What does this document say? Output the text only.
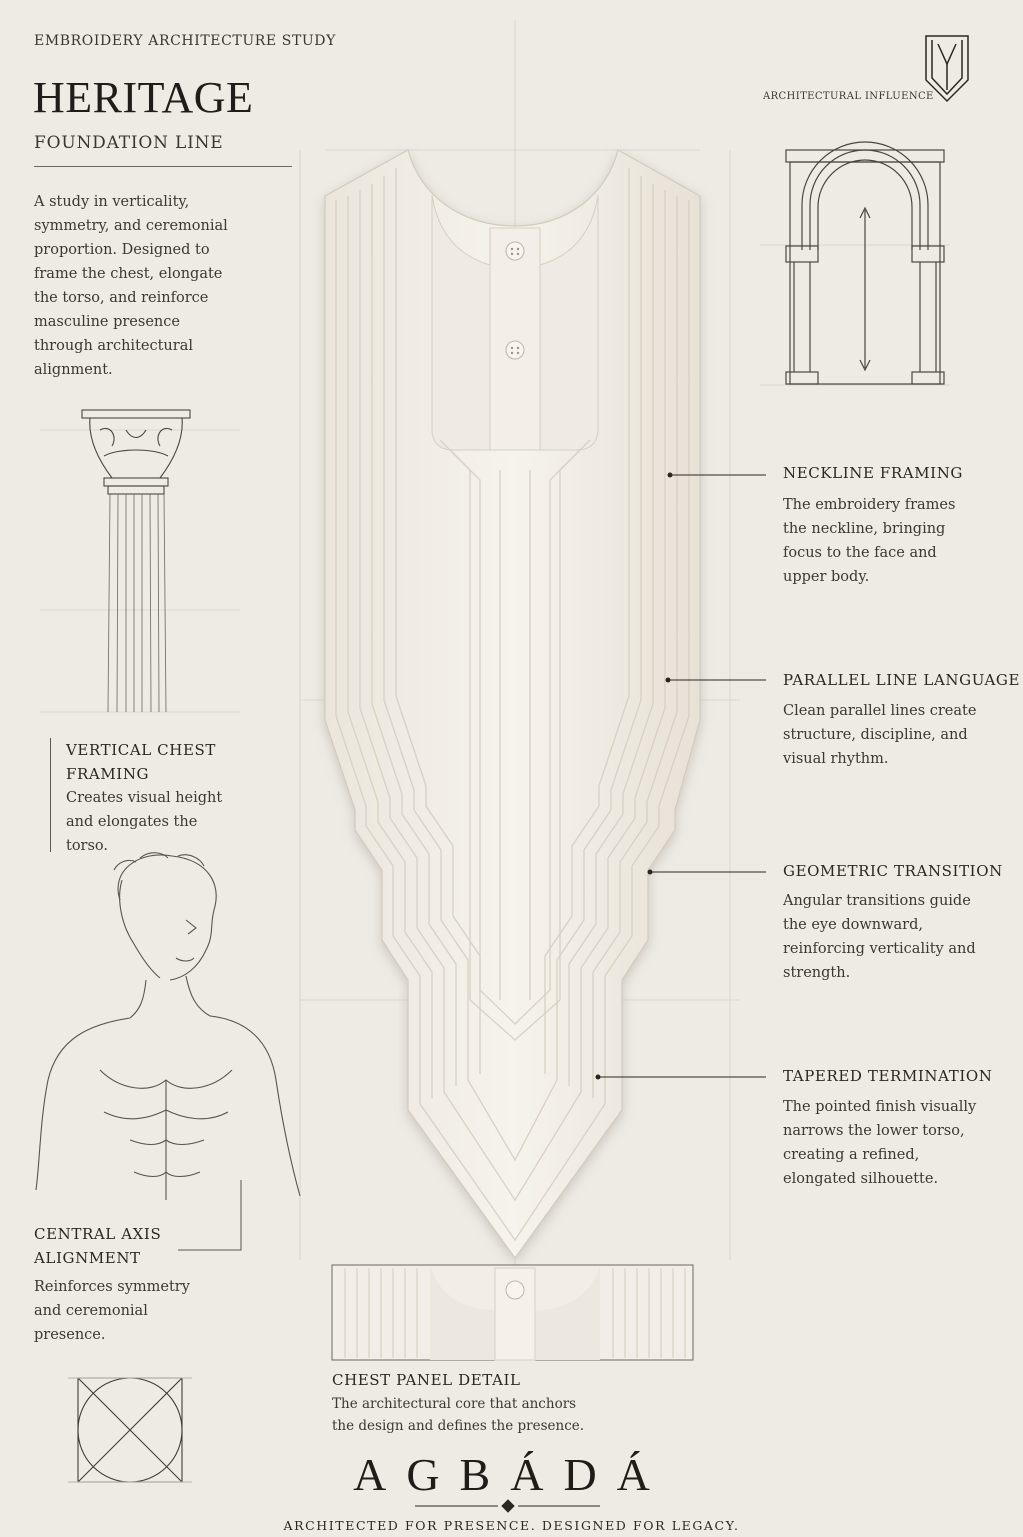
EMBROIDERY ARCHITECTURE STUDY
HERITAGE
FOUNDATION LINE
A study in verticality, symmetry, and ceremonial proportion. Designed to frame the chest, elongate the torso, and reinforce masculine presence through architectural alignment.
ARCHITECTURAL INFLUENCE
VERTICAL CHEST FRAMING
Creates visual height and elongates the torso.
CENTRAL AXIS ALIGNMENT
Reinforces symmetry and ceremonial presence.
NECKLINE FRAMING
The embroidery frames the neckline, bringing focus to the face and upper body.
PARALLEL LINE LANGUAGE
Clean parallel lines create structure, discipline, and visual rhythm.
GEOMETRIC TRANSITION
Angular transitions guide the eye downward, reinforcing verticality and strength.
TAPERED TERMINATION
The pointed finish visually narrows the lower torso, creating a refined, elongated silhouette.
CHEST PANEL DETAIL
The architectural core that anchors the design and defines the presence.
AGBÁDÁ
ARCHITECTED FOR PRESENCE. DESIGNED FOR LEGACY.
